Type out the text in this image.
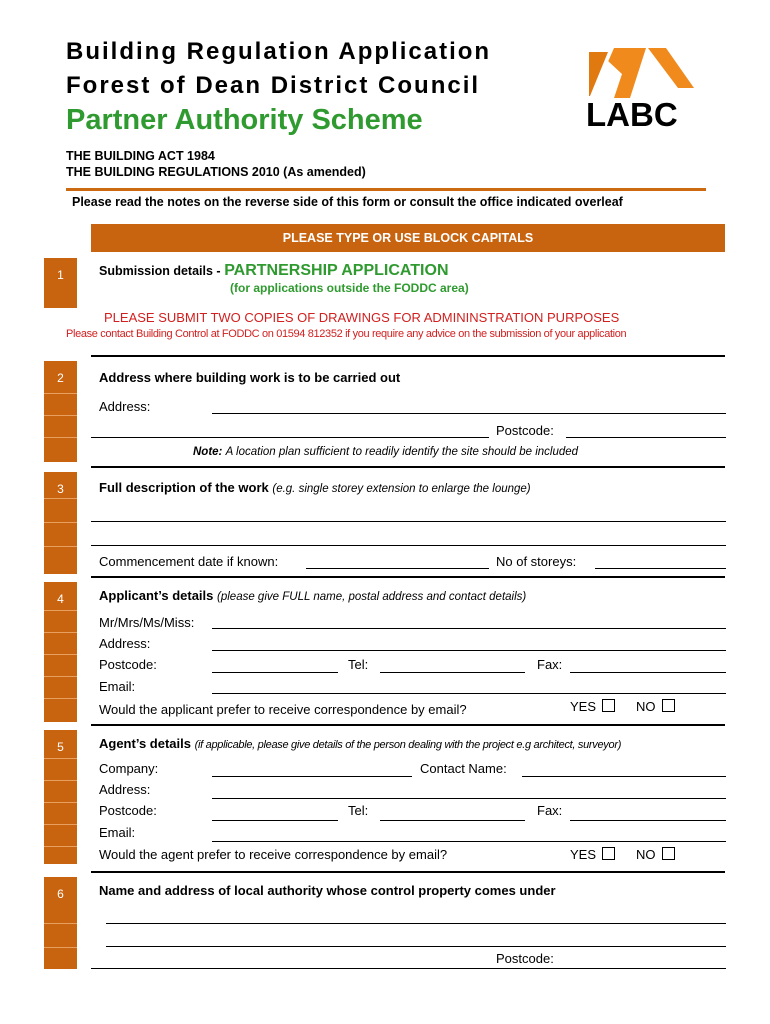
Building Regulation Application
Forest of Dean District Council
Partner Authority Scheme	LABC
THE BUILDING ACT 1984
THE BUILDING REGULATIONS 2010 (As amended)
Please read the notes on the reverse side of this form or consult the office indicated overleaf
PLEASE TYPE OR USE BLOCK CAPITALS
1	Submission details - PARTNERSHIP APPLICATION
(for applications outside the FODDC area)
PLEASE SUBMIT TWO COPIES OF DRAWINGS FOR ADMININSTRATION PURPOSES
Please contact Building Control at FODDC on 01594 812352 if you require any advice on the submission of your application
2	Address where building work is to be carried out
Address:
Postcode:
Note: A location plan sufficient to readily identify the site should be included
3	Full description of the work (e.g. single storey extension to enlarge the lounge)
Commencement date if known:	No of storeys:
4	Applicant’s details (please give FULL name, postal address and contact details)
Mr/Mrs/Ms/Miss:
Address:
Postcode:	Tel:	Fax:
Email:
Would the applicant prefer to receive correspondence by email?	YES	NO
5	Agent’s details (if applicable, please give details of the person dealing with the project e.g architect, surveyor)
Company:	Contact Name:
Address:
Postcode:	Tel:	Fax:
Email:
Would the agent prefer to receive correspondence by email?	YES	NO
6	Name and address of local authority whose control property comes under
Postcode:
